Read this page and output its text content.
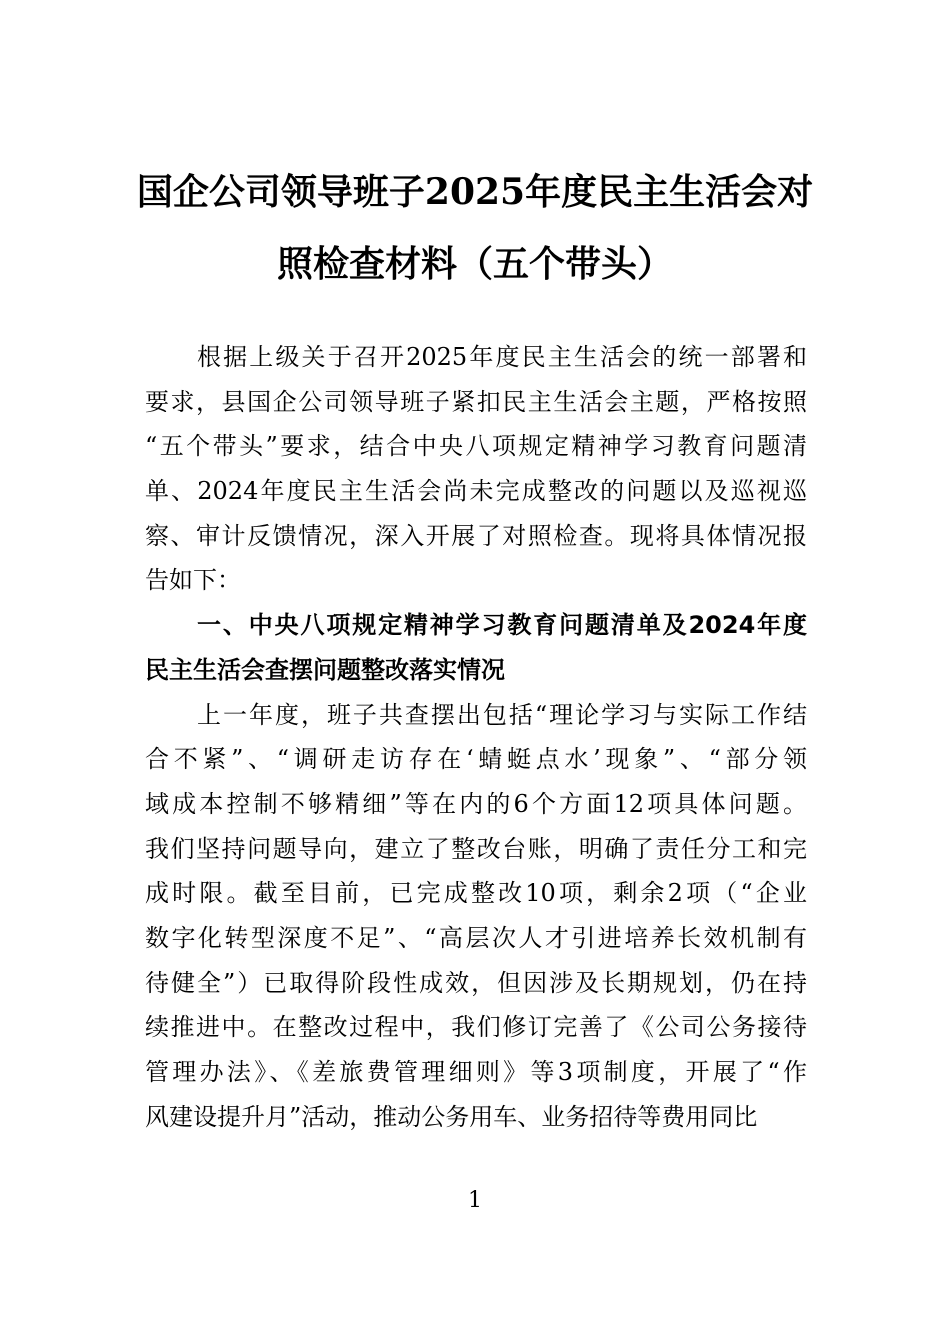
国企公司领导班子2025年度民主生活会对
照检查材料（五个带头）
根据上级关于召开2025年度民主生活会的统一部署和
要求，县国企公司领导班子紧扣民主生活会主题，严格按照
“五个带头”要求，结合中央八项规定精神学习教育问题清
单、2024年度民主生活会尚未完成整改的问题以及巡视巡
察、审计反馈情况，深入开展了对照检查。现将具体情况报
告如下：
一、中央八项规定精神学习教育问题清单及2024年度
民主生活会查摆问题整改落实情况
上一年度，班子共查摆出包括“理论学习与实际工作结
合不紧”、“调研走访存在‘蜻蜓点水’现象”、“部分领
域成本控制不够精细”等在内的6个方面12项具体问题。
我们坚持问题导向，建立了整改台账，明确了责任分工和完
成时限。截至目前，已完成整改10项，剩余2项（“企业
数字化转型深度不足”、“高层次人才引进培养长效机制有
待健全”）已取得阶段性成效，但因涉及长期规划，仍在持
续推进中。在整改过程中，我们修订完善了《公司公务接待
管理办法》、《差旅费管理细则》等3项制度，开展了“作
风建设提升月”活动，推动公务用车、业务招待等费用同比
1
